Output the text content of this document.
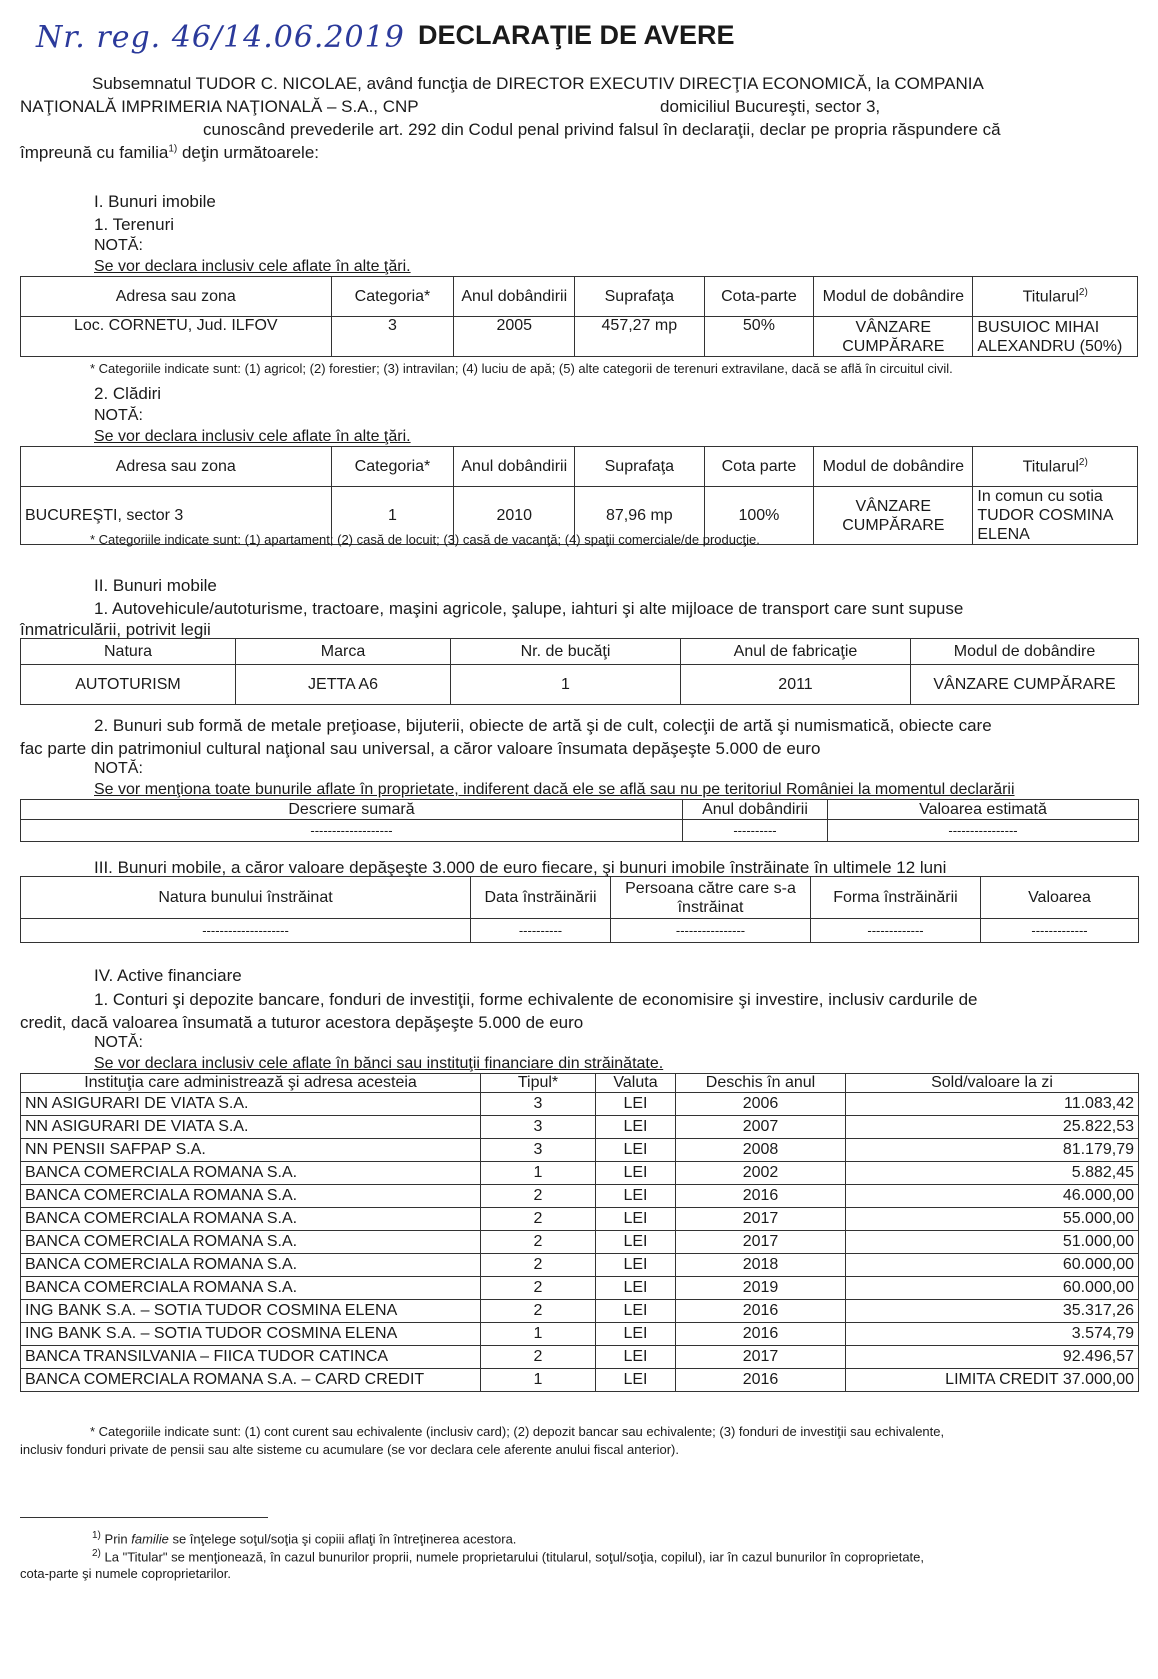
Nr. reg. 46/14.06.2019 DECLARAŢIE DE AVERE
Subsemnatul TUDOR C. NICOLAE, având funcţia de DIRECTOR EXECUTIV DIRECŢIA ECONOMICĂ, la COMPANIA
NAŢIONALĂ IMPRIMERIA NAŢIONALĂ – S.A., CNP	domiciliul Bucureşti, sector 3,
cunoscând prevederile art. 292 din Codul penal privind falsul în declaraţii, declar pe propria răspundere că
împreună cu familia$^{1)}$ deţin următoarele:
I. Bunuri imobile
1. Terenuri
NOTĂ:
Se vor declara inclusiv cele aflate în alte ţări.
Adresa sau zona	Categoria*	Anul dobândirii	Suprafaţa	Cota-parte	Modul de dobândire	Titularul$^{2)}$
Loc. CORNETU, Jud. ILFOV	3	2005	457,27 mp	50%	VÂNZARE CUMPĂRARE	BUSUIOC MIHAI ALEXANDRU (50%)
* Categoriile indicate sunt: (1) agricol; (2) forestier; (3) intravilan; (4) luciu de apă; (5) alte categorii de terenuri extravilane, dacă se află în circuitul civil.
2. Clădiri
NOTĂ:
Se vor declara inclusiv cele aflate în alte ţări.
Adresa sau zona	Categoria*	Anul dobândirii	Suprafaţa	Cota parte	Modul de dobândire	Titularul$^{2)}$
BUCUREŞTI, sector 3	1	2010	87,96 mp	100%	VÂNZARE CUMPĂRARE	In comun cu sotia TUDOR COSMINA ELENA
* Categoriile indicate sunt: (1) apartament; (2) casă de locuit; (3) casă de vacanţă; (4) spaţii comerciale/de producţie.
II. Bunuri mobile
1. Autovehicule/autoturisme, tractoare, maşini agricole, şalupe, iahturi şi alte mijloace de transport care sunt supuse
înmatriculării, potrivit legii
Natura	Marca	Nr. de bucăţi	Anul de fabricaţie	Modul de dobândire
AUTOTURISM	JETTA A6	1	2011	VÂNZARE CUMPĂRARE
2. Bunuri sub formă de metale preţioase, bijuterii, obiecte de artă şi de cult, colecţii de artă şi numismatică, obiecte care
fac parte din patrimoniul cultural naţional sau universal, a căror valoare însumata depăşeşte 5.000 de euro
NOTĂ:
Se vor menţiona toate bunurile aflate în proprietate, indiferent dacă ele se află sau nu pe teritoriul României la momentul declarării
Descriere sumară	Anul dobândirii	Valoarea estimată
-------------------	----------	----------------
III. Bunuri mobile, a căror valoare depăşeşte 3.000 de euro fiecare, şi bunuri imobile înstrăinate în ultimele 12 luni
Natura bunului înstrăinat	Data înstrăinării	Persoana către care s-a înstrăinat	Forma înstrăinării	Valoarea
--------------------	----------	----------------	-------------	-------------
IV. Active financiare
1. Conturi şi depozite bancare, fonduri de investiţii, forme echivalente de economisire şi investire, inclusiv cardurile de
credit, dacă valoarea însumată a tuturor acestora depăşeşte 5.000 de euro
NOTĂ:
Se vor declara inclusiv cele aflate în bănci sau instituţii financiare din străinătate.
Instituţia care administrează şi adresa acesteia	Tipul*	Valuta	Deschis în anul	Sold/valoare la zi
NN ASIGURARI DE VIATA S.A.	3	LEI	2006	11.083,42
NN ASIGURARI DE VIATA S.A.	3	LEI	2007	25.822,53
NN PENSII SAFPAP S.A.	3	LEI	2008	81.179,79
BANCA COMERCIALA ROMANA S.A.	1	LEI	2002	5.882,45
BANCA COMERCIALA ROMANA S.A.	2	LEI	2016	46.000,00
BANCA COMERCIALA ROMANA S.A.	2	LEI	2017	55.000,00
BANCA COMERCIALA ROMANA S.A.	2	LEI	2017	51.000,00
BANCA COMERCIALA ROMANA S.A.	2	LEI	2018	60.000,00
BANCA COMERCIALA ROMANA S.A.	2	LEI	2019	60.000,00
ING BANK S.A. – SOTIA TUDOR COSMINA ELENA	2	LEI	2016	35.317,26
ING BANK S.A. – SOTIA TUDOR COSMINA ELENA	1	LEI	2016	3.574,79
BANCA TRANSILVANIA – FIICA TUDOR CATINCA	2	LEI	2017	92.496,57
BANCA COMERCIALA ROMANA S.A. – CARD CREDIT	1	LEI	2016	LIMITA CREDIT 37.000,00
* Categoriile indicate sunt: (1) cont curent sau echivalente (inclusiv card); (2) depozit bancar sau echivalente; (3) fonduri de investiţii sau echivalente,
inclusiv fonduri private de pensii sau alte sisteme cu acumulare (se vor declara cele aferente anului fiscal anterior).
$^{1)}$ Prin familie se înţelege soţul/soţia şi copiii aflaţi în întreţinerea acestora.
$^{2)}$ La "Titular" se menţionează, în cazul bunurilor proprii, numele proprietarului (titularul, soţul/soţia, copilul), iar în cazul bunurilor în coproprietate,
cota-parte şi numele coproprietarilor.
